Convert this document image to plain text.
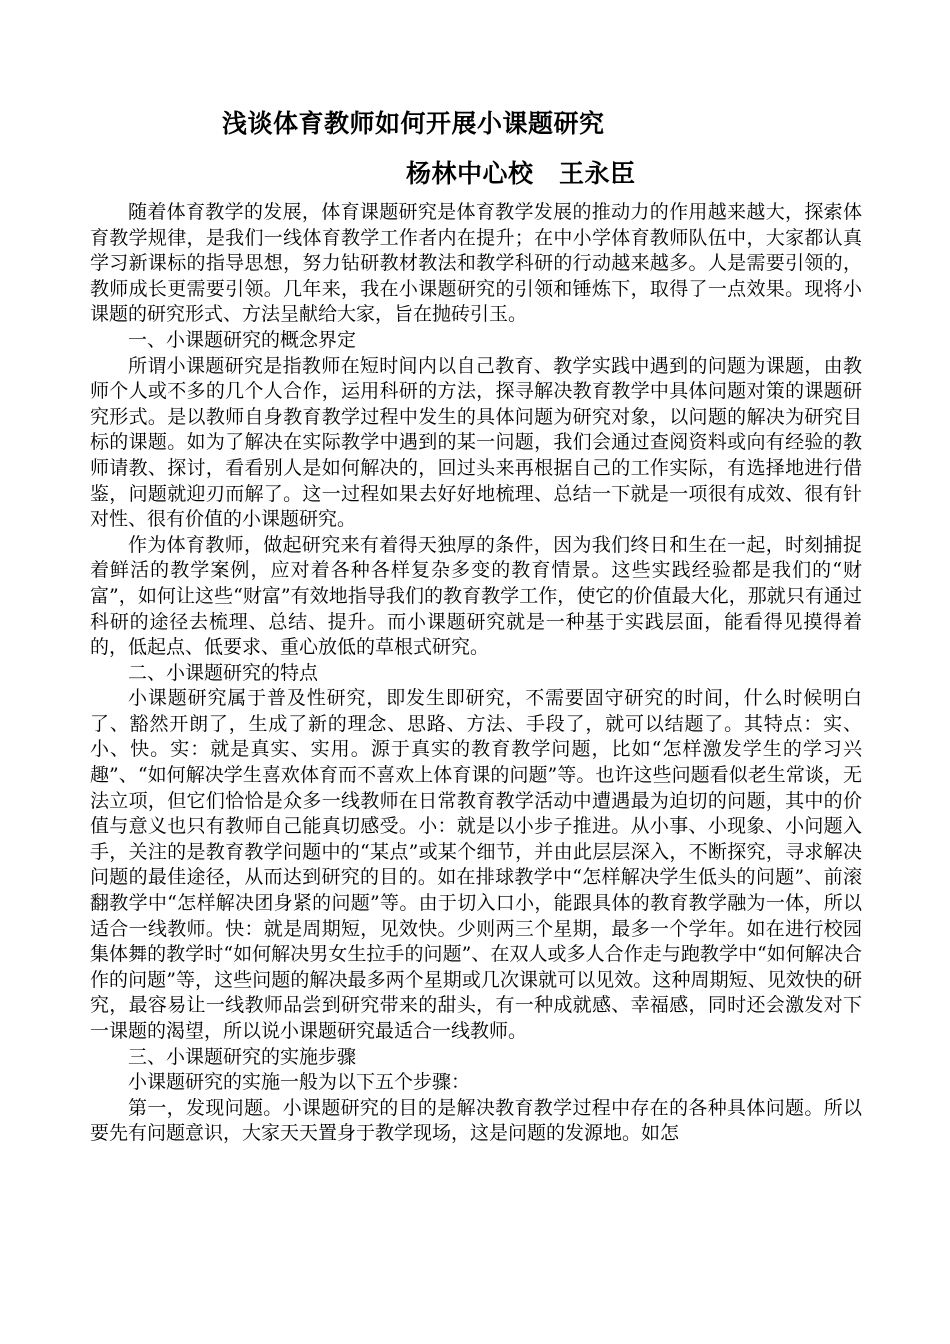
浅谈体育教师如何开展小课题研究
杨林中心校　王永臣

随着体育教学的发展，体育课题研究是体育教学发展的推动力的作用越来越大，探索体育教学规律，是我们一线体育教学工作者内在提升；在中小学体育教师队伍中，大家都认真学习新课标的指导思想，努力钻研教材教法和教学科研的行动越来越多。人是需要引领的，教师成长更需要引领。几年来，我在小课题研究的引领和锤炼下，取得了一点效果。现将小课题的研究形式、方法呈献给大家，旨在抛砖引玉。

一、小课题研究的概念界定

所谓小课题研究是指教师在短时间内以自己教育、教学实践中遇到的问题为课题，由教师个人或不多的几个人合作，运用科研的方法，探寻解决教育教学中具体问题对策的课题研究形式。是以教师自身教育教学过程中发生的具体问题为研究对象，以问题的解决为研究目标的课题。如为了解决在实际教学中遇到的某一问题，我们会通过查阅资料或向有经验的教师请教、探讨，看看别人是如何解决的，回过头来再根据自己的工作实际，有选择地进行借鉴，问题就迎刃而解了。这一过程如果去好好地梳理、总结一下就是一项很有成效、很有针对性、很有价值的小课题研究。

作为体育教师，做起研究来有着得天独厚的条件，因为我们终日和生在一起，时刻捕捉着鲜活的教学案例，应对着各种各样复杂多变的教育情景。这些实践经验都是我们的“财富”，如何让这些“财富”有效地指导我们的教育教学工作，使它的价值最大化，那就只有通过科研的途径去梳理、总结、提升。而小课题研究就是一种基于实践层面，能看得见摸得着的，低起点、低要求、重心放低的草根式研究。

二、小课题研究的特点

小课题研究属于普及性研究，即发生即研究，不需要固守研究的时间，什么时候明白了、豁然开朗了，生成了新的理念、思路、方法、手段了，就可以结题了。其特点：实、小、快。实：就是真实、实用。源于真实的教育教学问题，比如“怎样激发学生的学习兴趣”、“如何解决学生喜欢体育而不喜欢上体育课的问题”等。也许这些问题看似老生常谈，无法立项，但它们恰恰是众多一线教师在日常教育教学活动中遭遇最为迫切的问题，其中的价值与意义也只有教师自己能真切感受。小：就是以小步子推进。从小事、小现象、小问题入手，关注的是教育教学问题中的“某点”或某个细节，并由此层层深入，不断探究，寻求解决问题的最佳途径，从而达到研究的目的。如在排球教学中“怎样解决学生低头的问题”、前滚翻教学中“怎样解决团身紧的问题”等。由于切入口小，能跟具体的教育教学融为一体，所以适合一线教师。快：就是周期短，见效快。少则两三个星期，最多一个学年。如在进行校园集体舞的教学时“如何解决男女生拉手的问题”、在双人或多人合作走与跑教学中“如何解决合作的问题”等，这些问题的解决最多两个星期或几次课就可以见效。这种周期短、见效快的研究，最容易让一线教师品尝到研究带来的甜头，有一种成就感、幸福感，同时还会激发对下一课题的渴望，所以说小课题研究最适合一线教师。

三、小课题研究的实施步骤

小课题研究的实施一般为以下五个步骤：

第一，发现问题。小课题研究的目的是解决教育教学过程中存在的各种具体问题。所以要先有问题意识，大家天天置身于教学现场，这是问题的发源地。如怎
